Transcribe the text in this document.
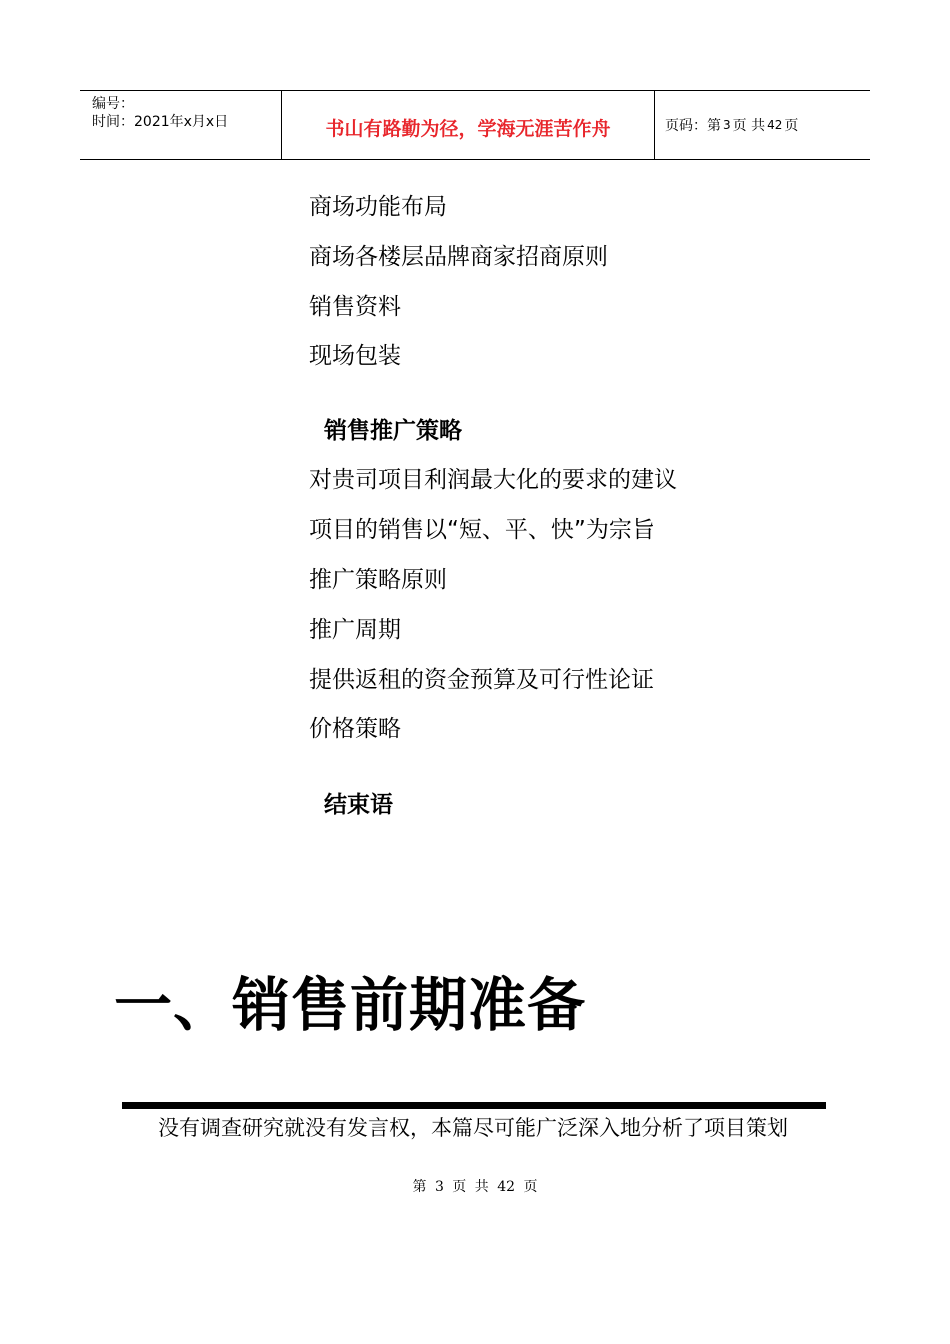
编号：
时间：2021年x月x日	书山有路勤为径，学海无涯苦作舟	页码：第 3 页 共 42 页
商场功能布局
商场各楼层品牌商家招商原则
销售资料
现场包装
销售推广策略
对贵司项目利润最大化的要求的建议
项目的销售以“短、平、快”为宗旨
推广策略原则
推广周期
提供返租的资金预算及可行性论证
价格策略
结束语
一、销售前期准备
没有调查研究就没有发言权，本篇尽可能广泛深入地分析了项目策划
第 3 页 共 42 页
